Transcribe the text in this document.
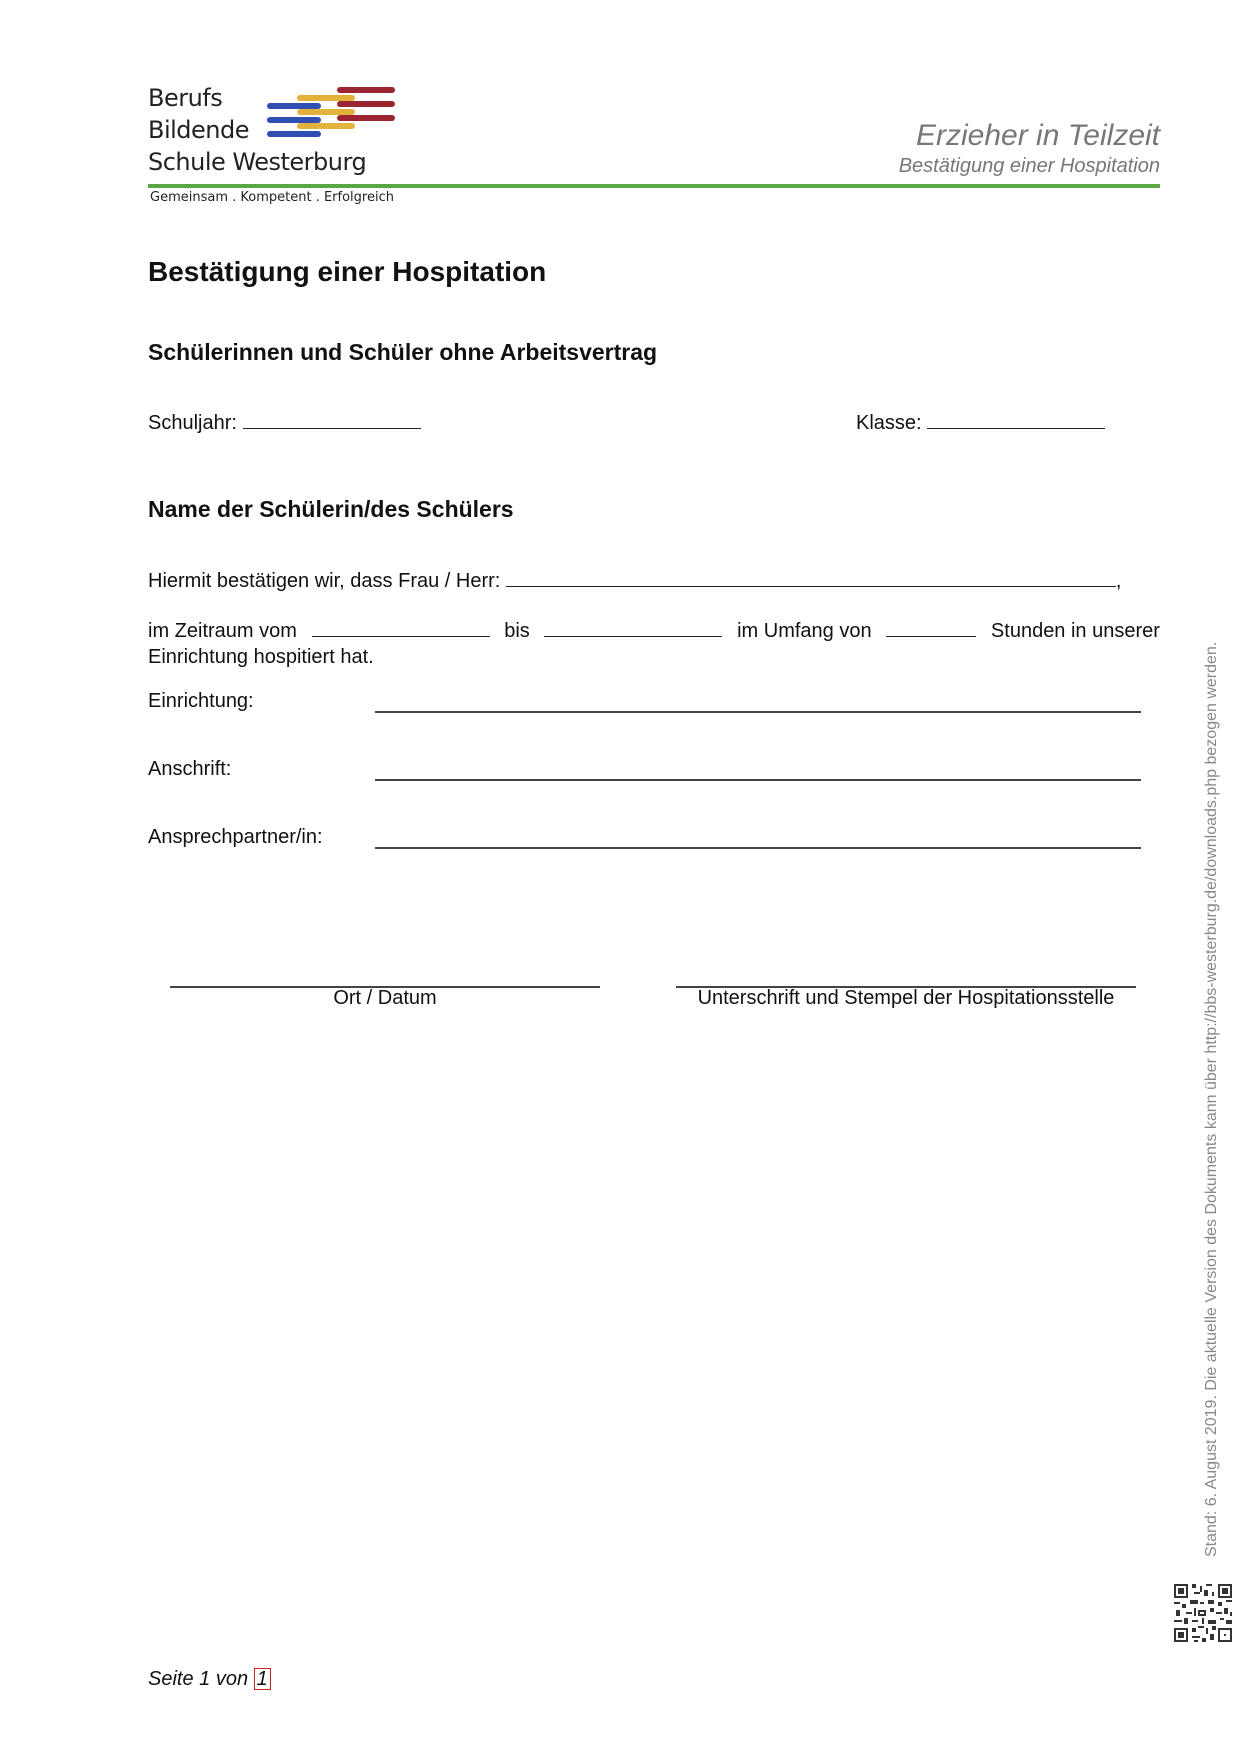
Berufs
Bildende
Schule Westerburg
Gemeinsam . Kompetent . Erfolgreich
Erzieher in Teilzeit
Bestätigung einer Hospitation
Bestätigung einer Hospitation
Schülerinnen und Schüler ohne Arbeitsvertrag
Schuljahr:	Klasse:
Name der Schülerin/des Schülers
Hiermit bestätigen wir, dass Frau / Herr:	,
im Zeitraum vom	bis	im Umfang von	Stunden in unserer
Einrichtung hospitiert hat.
Einrichtung:
Anschrift:
Ansprechpartner/in:
Ort / Datum	Unterschrift und Stempel der Hospitationsstelle	Stand: 6. August 2019. Die aktuelle Version des Dokuments kann über http://bbs-westerburg.de/downloads.php bezogen werden.
Seite 1 von 1
